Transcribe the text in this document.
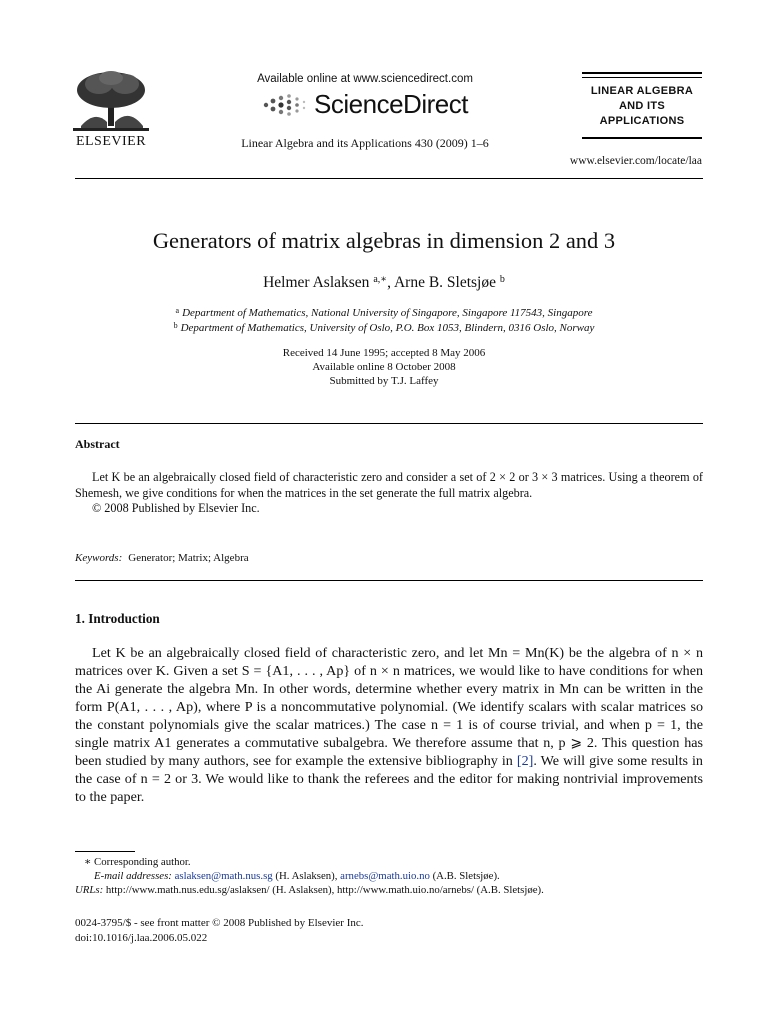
ELSEVIER
Available online at www.sciencedirect.com
ScienceDirect
Linear Algebra and its Applications 430 (2009) 1–6
LINEAR ALGEBRA
AND ITS
APPLICATIONS
www.elsevier.com/locate/laa
Generators of matrix algebras in dimension 2 and 3
Helmer Aslaksen $^{a,∗}$, Arne B. Sletsjøe $^b$
$^a$ Department of Mathematics, National University of Singapore, Singapore 117543, Singapore
$^b$ Department of Mathematics, University of Oslo, P.O. Box 1053, Blindern, 0316 Oslo, Norway
Received 14 June 1995; accepted 8 May 2006
Available online 8 October 2008
Submitted by T.J. Laffey
Abstract

Let K be an algebraically closed field of characteristic zero and consider a set of 2 × 2 or 3 × 3 matrices. Using a theorem of Shemesh, we give conditions for when the matrices in the set generate the full matrix algebra.

© 2008 Published by Elsevier Inc.

Keywords: Generator; Matrix; Algebra
1. Introduction

Let K be an algebraically closed field of characteristic zero, and let Mn = Mn(K) be the algebra of n × n matrices over K. Given a set S = {A1, . . . , Ap} of n × n matrices, we would like to have conditions for when the Ai generate the algebra Mn. In other words, determine whether every matrix in Mn can be written in the form P(A1, . . . , Ap), where P is a noncommutative polynomial. (We identify scalars with scalar matrices so the constant polynomials give the scalar matrices.) The case n = 1 is of course trivial, and when p = 1, the single matrix A1 generates a commutative subalgebra. We therefore assume that n, p ⩾ 2. This question has been studied by many authors, see for example the extensive bibliography in [2]. We will give some results in the case of n = 2 or 3. We would like to thank the referees and the editor for making nontrivial improvements to the paper.

∗ Corresponding author.
E-mail addresses: aslaksen@math.nus.sg (H. Aslaksen), arnebs@math.uio.no (A.B. Sletsjøe).
URLs: http://www.math.nus.edu.sg/aslaksen/ (H. Aslaksen), http://www.math.uio.no/arnebs/ (A.B. Sletsjøe).
0024-3795/$ - see front matter © 2008 Published by Elsevier Inc.
doi:10.1016/j.laa.2006.05.022
